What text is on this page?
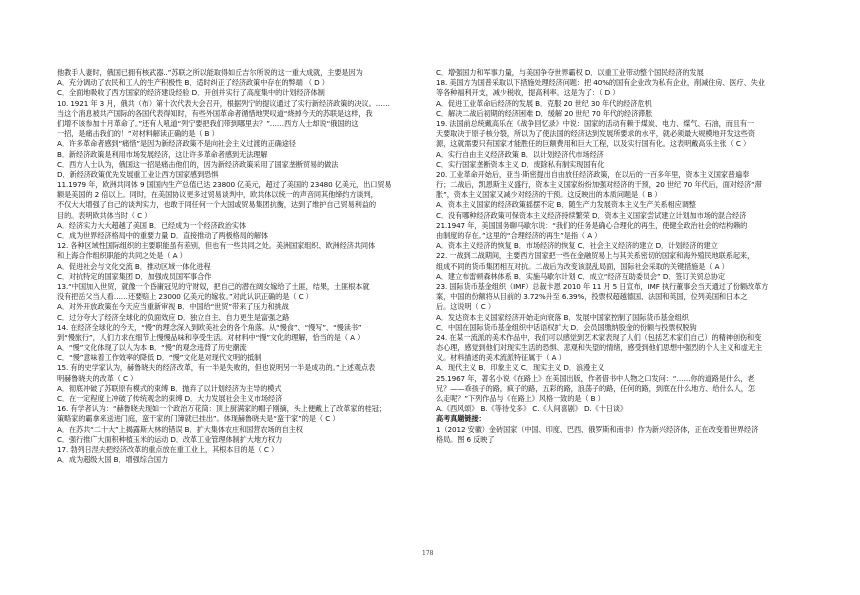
他教手人妻时，俄国已拥有核武器..”苏联之所以能取得如丘吉尔所说的这一重大成就，主要是因为
A．充分调动了农民和工人的生产积极性 B．适时纠正了经济政策中存在的弊端 （ D ）
C．全面地吸收了西方国家的经济建设经验 D．开创并实行了高度集中的计划经济体制
10. 1921 年 3 月，俄共（布）第十次代表大会召开，根据列宁的提议通过了实行新经济政策的决议。……
当这个消息被共产国际的各国代表得知时，有些外国革命者循惜地哭叹道“烧掉今天的苏联是这样，我
们增不该参加十月革命了。”还有人吼道“列宁要把我们带到哪里去？”……西方人士却说“俄国的这
一招，是痛击我们的！”对材料解读正确的是（ B ）
A．许多革命者感到“痛惜”是因为新经济政策不是向社会主义过渡的正确途径
B．新经济政策是利用市场发展经济，这让许多革命者感到无法理解
C．西方人士认为，俄国这一招是痛击他们的，因为新经济政策采用了国家垄断贸易的做法
D．新经济政策优先发展重工业让西方国家感到恐惧
11.1979 年，欧洲共同体 9 国国内生产总值已达 23800 亿美元，超过了美国的 23480 亿美元，出口贸易
额是美国的 2 倍以上。同时，在美国协议更多过贸易谈判中，欧共体以统一的声音同其他缔约方谈判，
不仅大大增强了自己的谈判实力，也敢于同任何一个大国或贸易集团抗衡，达到了维护自己贸易利益的
目的。表明欧共体当时（ C ）
A．经济实力大大超越了美国 B．已经成为一个经济政治实体
C．成为世界经济格局中的重要力量 D．直接推动了两极格局的解体
12. 各种区域性国际组织的主要职能虽有差别，但也有一些共同之处。美洲国家组织、欧洲经济共同体
和上海合作组织职能的共同之处是（ A ）
A．促进社会与文化交流 B．推动区域一体化进程
C．对抗特定的国家集团 D．加强成员国军事合作
13.“中国加入世贸，就像一个昏庸冠见的守财奴，把自己的潜在阔女嫁给了土匪，结果，土匪根本就
没有把岳父当人看……还要赔上 23000 亿美元的嫁妆。”对此认识正确的是（ C ）
A．对外开放政策在今天应当重新审视 B．中国给“世贸”带来了压力和挑战
C．过分夸大了经济全球化的负面效应 D．独立自主、自力更生是富强之路
14. 在经济全球化的今天，“慢”的理念深入到欧美社会的各个角落。从“慢食”、“慢写”、“慢读书”
到“慢旅行”，人们力求在细节上慢慢品味和享受生活。对材料中“慢”文化的理解，恰当的是（ A ）
A．“慢”文化体现了以人为本 B．“慢”的观念违背了历史潮流
C．“慢”意味着工作效率的降低 D．“慢”文化是对现代文明的抵制
15. 有的史学家认为，赫鲁晓夫的经济改革，有一半是失败的，但也说明另一半是成功的。”上述观点表
明赫鲁晓夫的改革（ C ）
A．彻底冲破了苏联原有模式的束缚 B．抛弃了以计划经济为主导的模式
C．在一定程度上冲破了传统观念的束缚 D．大力发展社会主义市场经济
16. 有学者认为：“赫鲁晓夫现如一个政治万花筒：顶上厨满家的帽子刚摘，头上便戴上了改革家的桂冠；
策略家的霸拿来送进门庭，蛮干家的门簿就已挂出”。体现赫鲁晓夫是“蛮干家”的是（ C ）
A．在苏共“二十大”上揭露斯大林的错误 B．扩大集体农庄和国营农场的自主权
C．强行推广大面积种植玉米的运动 D．改革工业管理体制扩大地方权力
17. 勃列日涅夫把经济改革的重点放在重工业上，其根本目的是（ C ）
A．成为超级大国 B．增强综合国力
C．增强国力和军事力量，与美国争夺世界霸权 D．以重工业带动整个国民经济的发展
18. 美国方为国普采取以下措施处理经济问题：把 40%的国有企业改为私有企业，削减住房、医疗、失业
等各种福利开支，减少税收，提高利率。这是为了：（ D ）
A．促进工业革命后经济的发展 B．克服 20 世纪 30 年代的经济危机
C．解决二战后初期的经济困难 D．缓解 20 世纪 70 年代的经济滞胀
19. 法国前总统戴高乐在《战争回忆录》中说：国家的活动有赖于煤炭、电力、煤气、石油，而且有一
天要取决于原子核分裂，所以为了使法国的经济达到发展所要求的水平，就必须最大规模地开发这些资
源，这就需要只有国家才能胜任的巨额费用和巨大工程，以及实行国有化。这表明戴高乐主张（ C ）
A．实行自由主义经济政策 B．以计划经济代市场经济
C．实行国家垄断资本主义 D．废除私有制实现国有化
20. 工业革命开始后，亚当·斯密提出自由放任经济政策，在以后的一百多年里，资本主义国家普遍奉
行；二战后，凯恩斯主义盛行，资本主义国家纷纷加强对经济的干预，20 世纪 70 年代后，面对经济“滞
胀”，资本主义国家又减少对经济的干预。这反映出的本质问题是（ B ）
A．资本主义国家的经济政策摇摆不定 B．随生产力发展资本主义生产关系相应调整
C．没有哪种经济政策可保资本主义经济持续繁荣 D．资本主义国家尝试建立计划加市场的混合经济
21.1947 年，美国国务聊马歇尔说：“我们的任务是确心合理化的再生，使健全政治社会的结构赖的
由制度的存在。”这里的“合理经济的再生”是指（ A ）
A．资本主义经济的恢复 B．市场经济的恢复 C．社会主义经济的建立 D．计划经济的建立
22. 一战到二战期间，主要西方国家把一些在金融贸易上与其关系密切的国家和海外殖民地联系起来，
组成不同的货币集团相互对抗。二战后为改变该混乱局面，国际社会采取的关键措施是（ A ）
A．建立布雷顿森林体系 B．实施马歇尔计划 C．成立“经济互助委员会” D．签订关贸总协定
23. 国际货币基金组织（IMF）总裁卡恩 2010 年 11 月 5 日宣布，IMF 执行董事会当天通过了份额改革方
案，中国的份额将从目前的 3.72%升至 6.39%，投票权超越德国、法国和英国，位列美国和日本之
后。这说明（ C ）
A．发达资本主义国家经济开始走向衰落 B．发展中国家控制了国际货币基金组织
C．中国在国际货币基金组织中话语权扩大 D．会员国缴纳股金的份额与投票权脱钩
24. 在某一流派的美术作品中，我们可以感觉到艺术家表现了人们（包括艺术家们自己）的精神创伤和变
态心理，感觉到他们对现实生活的恐惧、悲观和失望的情绪，感受到他们思想中强烈的个人主义和虚无主
义。材料描述的美术流派特征属于（ A ）
A．现代主义 B．印象主义 C．现实主义 D．浪漫主义
25.1967 年，著名小说《在路上》在美国出版，作者借书中人物之口发问：“……你的道路是什么，老
兄？——乖孩子的路，疯子的路，五彩的路，浪荡子的路，任何的路，到底在什么地方、给什么人，怎
么走呢？”下列作品与《在路上》风格一致的是（ B ）
A.《西风颂》 B.《等待戈多》 C.《人间喜剧》 D.《十日谈》
高考真题链接：
1（2012 安徽）金砖国家（中国、印度、巴西、俄罗斯和南非）作为新兴经济体，正在改变着世界经济
格局。图 6 反映了
178
